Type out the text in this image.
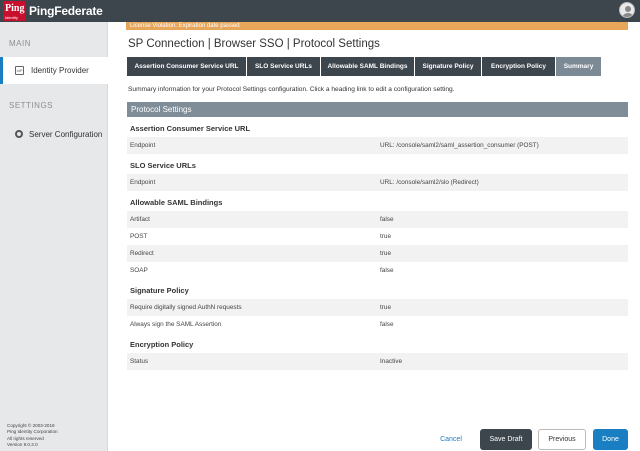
Ping
Identity PingFederate
MAIN
IdP Identity Provider
SETTINGS
Server Configuration
Copyright © 2003-2018
Ping Identity Corporation
All rights reserved
Version 9.0.3.0
License Violation: Expiration date passed
SP Connection | Browser SSO | Protocol Settings
Assertion Consumer Service URL	SLO Service URLs	Allowable SAML Bindings	Signature Policy	Encryption Policy	Summary
Summary information for your Protocol Settings configuration. Click a heading link to edit a configuration setting.
Protocol Settings
Assertion Consumer Service URL
Endpoint	URL: /console/saml2/saml_assertion_consumer (POST)
SLO Service URLs
Endpoint	URL: /console/saml2/slo (Redirect)
Allowable SAML Bindings
Artifact	false
POST	true
Redirect	true
SOAP	false
Signature Policy
Require digitally signed AuthN requests	true
Always sign the SAML Assertion	false
Encryption Policy
Status	Inactive
Cancel	Save Draft	Previous	Done
